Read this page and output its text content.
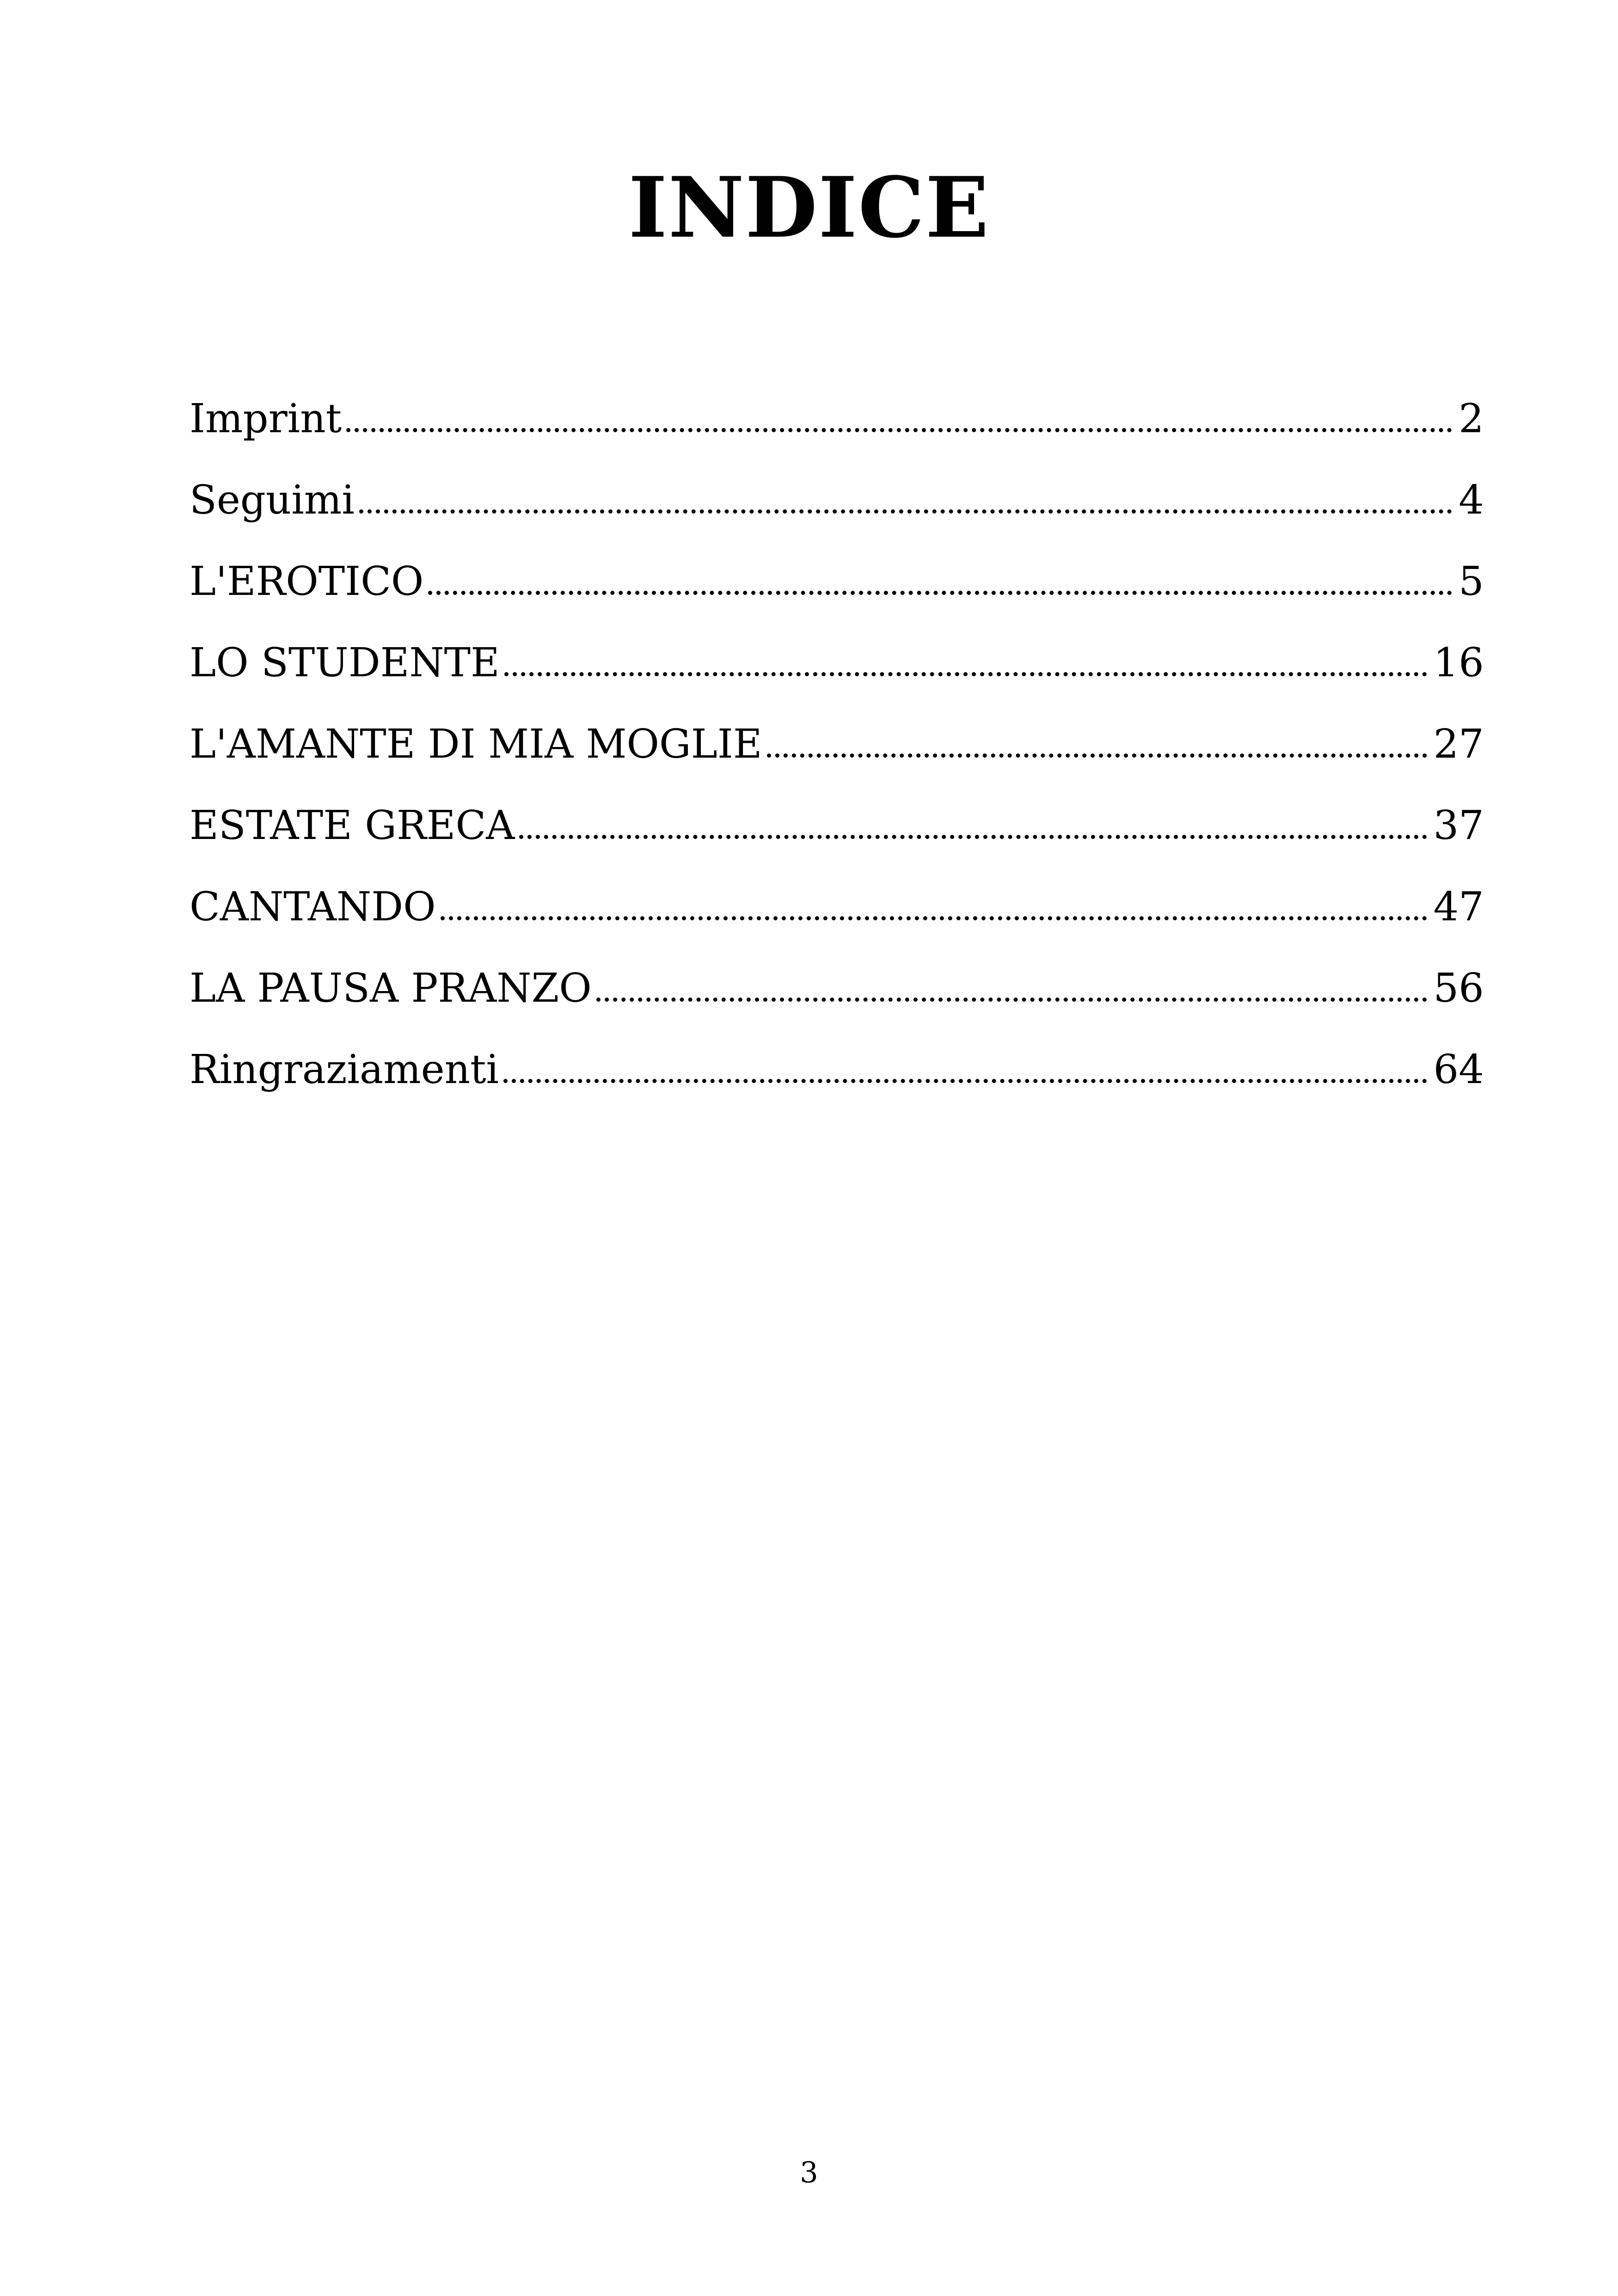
INDICE
Imprint	2
Seguimi	4
L'EROTICO	5
LO STUDENTE	16
L'AMANTE DI MIA MOGLIE	27
ESTATE GRECA	37
CANTANDO	47
LA PAUSA PRANZO	56
Ringraziamenti	64
3
